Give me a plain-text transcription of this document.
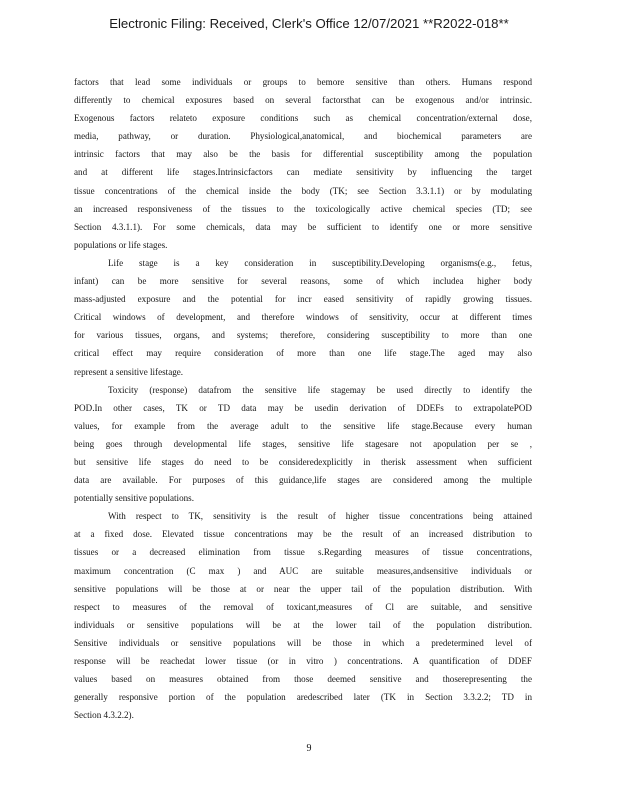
Electronic Filing: Received, Clerk's Office 12/07/2021 **R2022-018**
factors that lead some individuals or groups to bemore sensitive than others. Humans respond
differently to chemical exposures based on several factorsthat can be exogenous and/or intrinsic.
Exogenous factors relateto exposure conditions such as chemical concentration/external dose,
media, pathway, or duration. Physiological,anatomical, and biochemical parameters are
intrinsic factors that may also be the basis for differential susceptibility among the population
and at different life stages.Intrinsicfactors can mediate sensitivity by influencing the target
tissue concentrations of the chemical inside the body (TK; see Section 3.3.1.1) or by modulating
an increased responsiveness of the tissues to the toxicologically active chemical species (TD; see
Section 4.3.1.1). For some chemicals, data may be sufficient to identify one or more sensitive
populations or life stages.
Life stage is a key consideration in susceptibility.Developing organisms(e.g., fetus,
infant) can be more sensitive for several reasons, some of which includea higher body
mass-adjusted exposure and the potential for incr eased sensitivity of rapidly growing tissues.
Critical windows of development, and therefore windows of sensitivity, occur at different times
for various tissues, organs, and systems; therefore, considering susceptibility to more than one
critical effect may require consideration of more than one life stage.The aged may also
represent a sensitive lifestage.
Toxicity (response) datafrom the sensitive life stagemay be used directly to identify the
POD.In other cases, TK or TD data may be usedin derivation of DDEFs to extrapolatePOD
values, for example from the average adult to the sensitive life stage.Because every human
being goes through developmental life stages, sensitive life stagesare not apopulation per se ,
but sensitive life stages do need to be consideredexplicitly in therisk assessment when sufficient
data are available. For purposes of this guidance,life stages are considered among the multiple
potentially sensitive populations.
With respect to TK, sensitivity is the result of higher tissue concentrations being attained
at a fixed dose. Elevated tissue concentrations may be the result of an increased distribution to
tissues or a decreased elimination from tissue s.Regarding measures of tissue concentrations,
maximum concentration (C max ) and AUC are suitable measures,andsensitive individuals or
sensitive populations will be those at or near the upper tail of the population distribution. With
respect to measures of the removal of toxicant,measures of Cl are suitable, and sensitive
individuals or sensitive populations will be at the lower tail of the population distribution.
Sensitive individuals or sensitive populations will be those in which a predetermined level of
response will be reachedat lower tissue (or in vitro ) concentrations. A quantification of DDEF
values based on measures obtained from those deemed sensitive and thoserepresenting the
generally responsive portion of the population aredescribed later (TK in Section 3.3.2.2; TD in
Section 4.3.2.2).
9
